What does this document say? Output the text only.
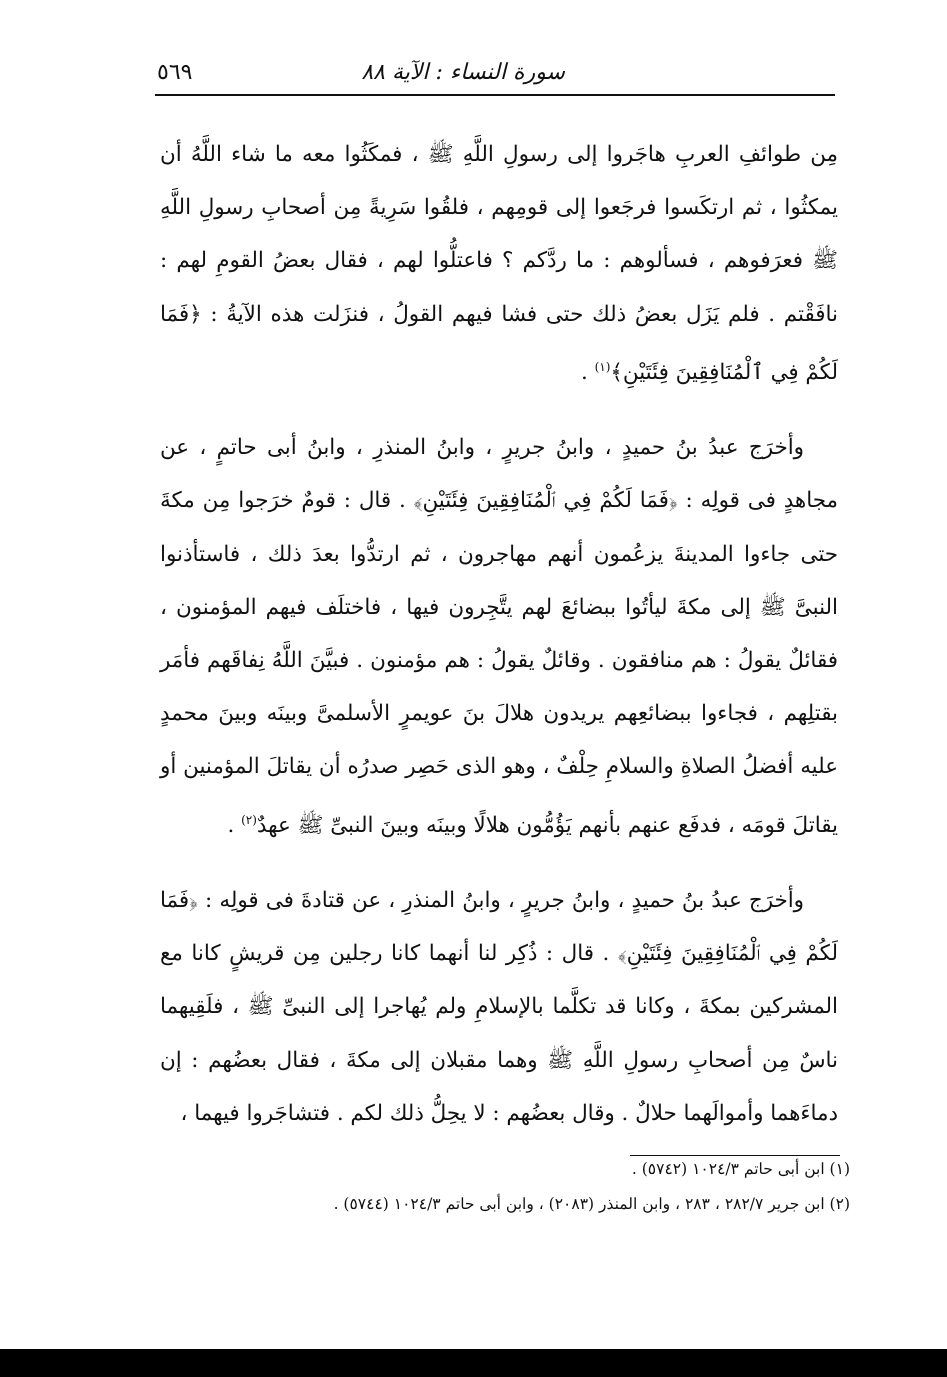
٥٦٩	سورة النساء : الآية ٨٨

مِن طوائفِ العربِ هاجَروا إلى رسولِ اللَّهِ ﷺ ، فمكَثُوا معه ما شاء اللَّهُ أن يمكثُوا ، ثم ارتكَسوا فرجَعوا إلى قومِهم ، فلقُوا سَرِيةً مِن أصحابِ رسولِ اللَّهِ ﷺ فعرَفوهم ، فسألوهم : ما ردَّكم ؟ فاعتلُّوا لهم ، فقال بعضُ القومِ لهم : نافَقْتم . فلم يَزَل بعضُ ذلك حتى فشا فيهم القولُ ، فنزَلت هذه الآيةُ : ﴿فَمَا لَكُمْ فِي ٱلْمُنَافِقِينَ فِئَتَيْنِ﴾$^{(١)}$ .

وأخرَج عبدُ بنُ حميدٍ ، وابنُ جريرٍ ، وابنُ المنذرِ ، وابنُ أبى حاتمٍ ، عن مجاهدٍ فى قولِه : ﴿فَمَا لَكُمْ فِي ٱلْمُنَافِقِينَ فِئَتَيْنِ﴾ . قال : قومٌ خرَجوا مِن مكةَ حتى جاءوا المدينةَ يزعُمون أنهم مهاجرون ، ثم ارتدُّوا بعدَ ذلك ، فاستأذنوا النبىَّ ﷺ إلى مكةَ ليأتُوا ببضائعَ لهم يتَّجِرون فيها ، فاختلَف فيهم المؤمنون ، فقائلٌ يقولُ : هم منافقون . وقائلٌ يقولُ : هم مؤمنون . فبيَّنَ اللَّهُ نِفاقَهم فأمَر بقتلِهم ، فجاءوا ببضائعِهم يريدون هلالَ بنَ عويمرٍ الأسلمىَّ وبينَه وبينَ محمدٍ عليه أفضلُ الصلاةِ والسلامِ حِلْفٌ ، وهو الذى حَصِر صدرُه أن يقاتلَ المؤمنين أو يقاتلَ قومَه ، فدفَع عنهم بأنهم يَؤُمُّون هلالًا وبينَه وبينَ النبىِّ ﷺ عهدٌ$^{(٢)}$ .

وأخرَج عبدُ بنُ حميدٍ ، وابنُ جريرٍ ، وابنُ المنذرِ ، عن قتادةَ فى قولِه : ﴿فَمَا لَكُمْ فِي ٱلْمُنَافِقِينَ فِئَتَيْنِ﴾ . قال : ذُكِر لنا أنهما كانا رجلين مِن قريشٍ كانا مع المشركين بمكةَ ، وكانا قد تكلَّما بالإسلامِ ولم يُهاجرا إلى النبىِّ ﷺ ، فلَقِيهما ناسٌ مِن أصحابِ رسولِ اللَّهِ ﷺ وهما مقبلان إلى مكةَ ، فقال بعضُهم : إن دماءَهما وأموالَهما حلالٌ . وقال بعضُهم : لا يحِلُّ ذلك لكم . فتشاجَروا فيهما ،

(١) ابن أبى حاتم ١٠٢٤/٣ (٥٧٤٢) .
(٢) ابن جرير ٢٨٢/٧ ، ٢٨٣ ، وابن المنذر (٢٠٨٣) ، وابن أبى حاتم ١٠٢٤/٣ (٥٧٤٤) .
